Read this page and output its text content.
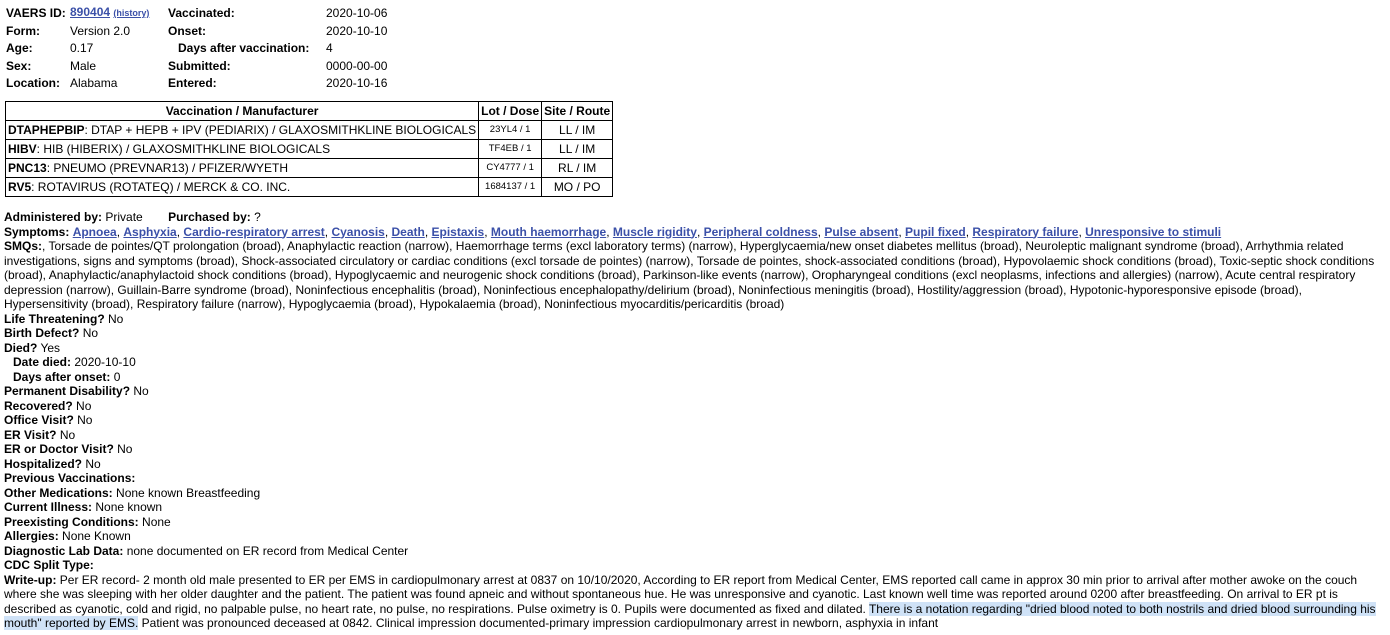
VAERS ID:	890404 (history)	Vaccinated:	2020-10-06
Form:	Version 2.0	Onset:	2020-10-10
Age:	0.17	Days after vaccination:	4
Sex:	Male	Submitted:	0000-00-00
Location:	Alabama	Entered:	2020-10-16
Vaccination / Manufacturer	Lot / Dose	Site / Route
DTAPHEPBIP: DTAP + HEPB + IPV (PEDIARIX) / GLAXOSMITHKLINE BIOLOGICALS	23YL4 / 1	LL / IM
HIBV: HIB (HIBERIX) / GLAXOSMITHKLINE BIOLOGICALS	TF4EB / 1	LL / IM
PNC13: PNEUMO (PREVNAR13) / PFIZER/WYETH	CY4777 / 1	RL / IM
RV5: ROTAVIRUS (ROTATEQ) / MERCK & CO. INC.	1684137 / 1	MO / PO
Administered by: Private Purchased by: ?
Symptoms: Apnoea, Asphyxia, Cardio-respiratory arrest, Cyanosis, Death, Epistaxis, Mouth haemorrhage, Muscle rigidity, Peripheral coldness, Pulse absent, Pupil fixed, Respiratory failure, Unresponsive to stimuli
SMQs:, Torsade de pointes/QT prolongation (broad), Anaphylactic reaction (narrow), Haemorrhage terms (excl laboratory terms) (narrow), Hyperglycaemia/new onset diabetes mellitus (broad), Neuroleptic malignant syndrome (broad), Arrhythmia related investigations, signs and symptoms (broad), Shock-associated circulatory or cardiac conditions (excl torsade de pointes) (narrow), Torsade de pointes, shock-associated conditions (broad), Hypovolaemic shock conditions (broad), Toxic-septic shock conditions (broad), Anaphylactic/anaphylactoid shock conditions (broad), Hypoglycaemic and neurogenic shock conditions (broad), Parkinson-like events (narrow), Oropharyngeal conditions (excl neoplasms, infections and allergies) (narrow), Acute central respiratory depression (narrow), Guillain-Barre syndrome (broad), Noninfectious encephalitis (broad), Noninfectious encephalopathy/delirium (broad), Noninfectious meningitis (broad), Hostility/aggression (broad), Hypotonic-hyporesponsive episode (broad), Hypersensitivity (broad), Respiratory failure (narrow), Hypoglycaemia (broad), Hypokalaemia (broad), Noninfectious myocarditis/pericarditis (broad)
Life Threatening? No
Birth Defect? No
Died? Yes
Date died: 2020-10-10
Days after onset: 0
Permanent Disability? No
Recovered? No
Office Visit? No
ER Visit? No
ER or Doctor Visit? No
Hospitalized? No
Previous Vaccinations:
Other Medications: None known Breastfeeding
Current Illness: None known
Preexisting Conditions: None
Allergies: None Known
Diagnostic Lab Data: none documented on ER record from Medical Center
CDC Split Type:
Write-up: Per ER record- 2 month old male presented to ER per EMS in cardiopulmonary arrest at 0837 on 10/10/2020, According to ER report from Medical Center, EMS reported call came in approx 30 min prior to arrival after mother awoke on the couch where she was sleeping with her older daughter and the patient. The patient was found apneic and without spontaneous hue. He was unresponsive and cyanotic. Last known well time was reported around 0200 after breastfeeding. On arrival to ER pt is described as cyanotic, cold and rigid, no palpable pulse, no heart rate, no pulse, no respirations. Pulse oximetry is 0. Pupils were documented as fixed and dilated. There is a notation regarding "dried blood noted to both nostrils and dried blood surrounding his mouth" reported by EMS. Patient was pronounced deceased at 0842. Clinical impression documented-primary impression cardiopulmonary arrest in newborn, asphyxia in infant
